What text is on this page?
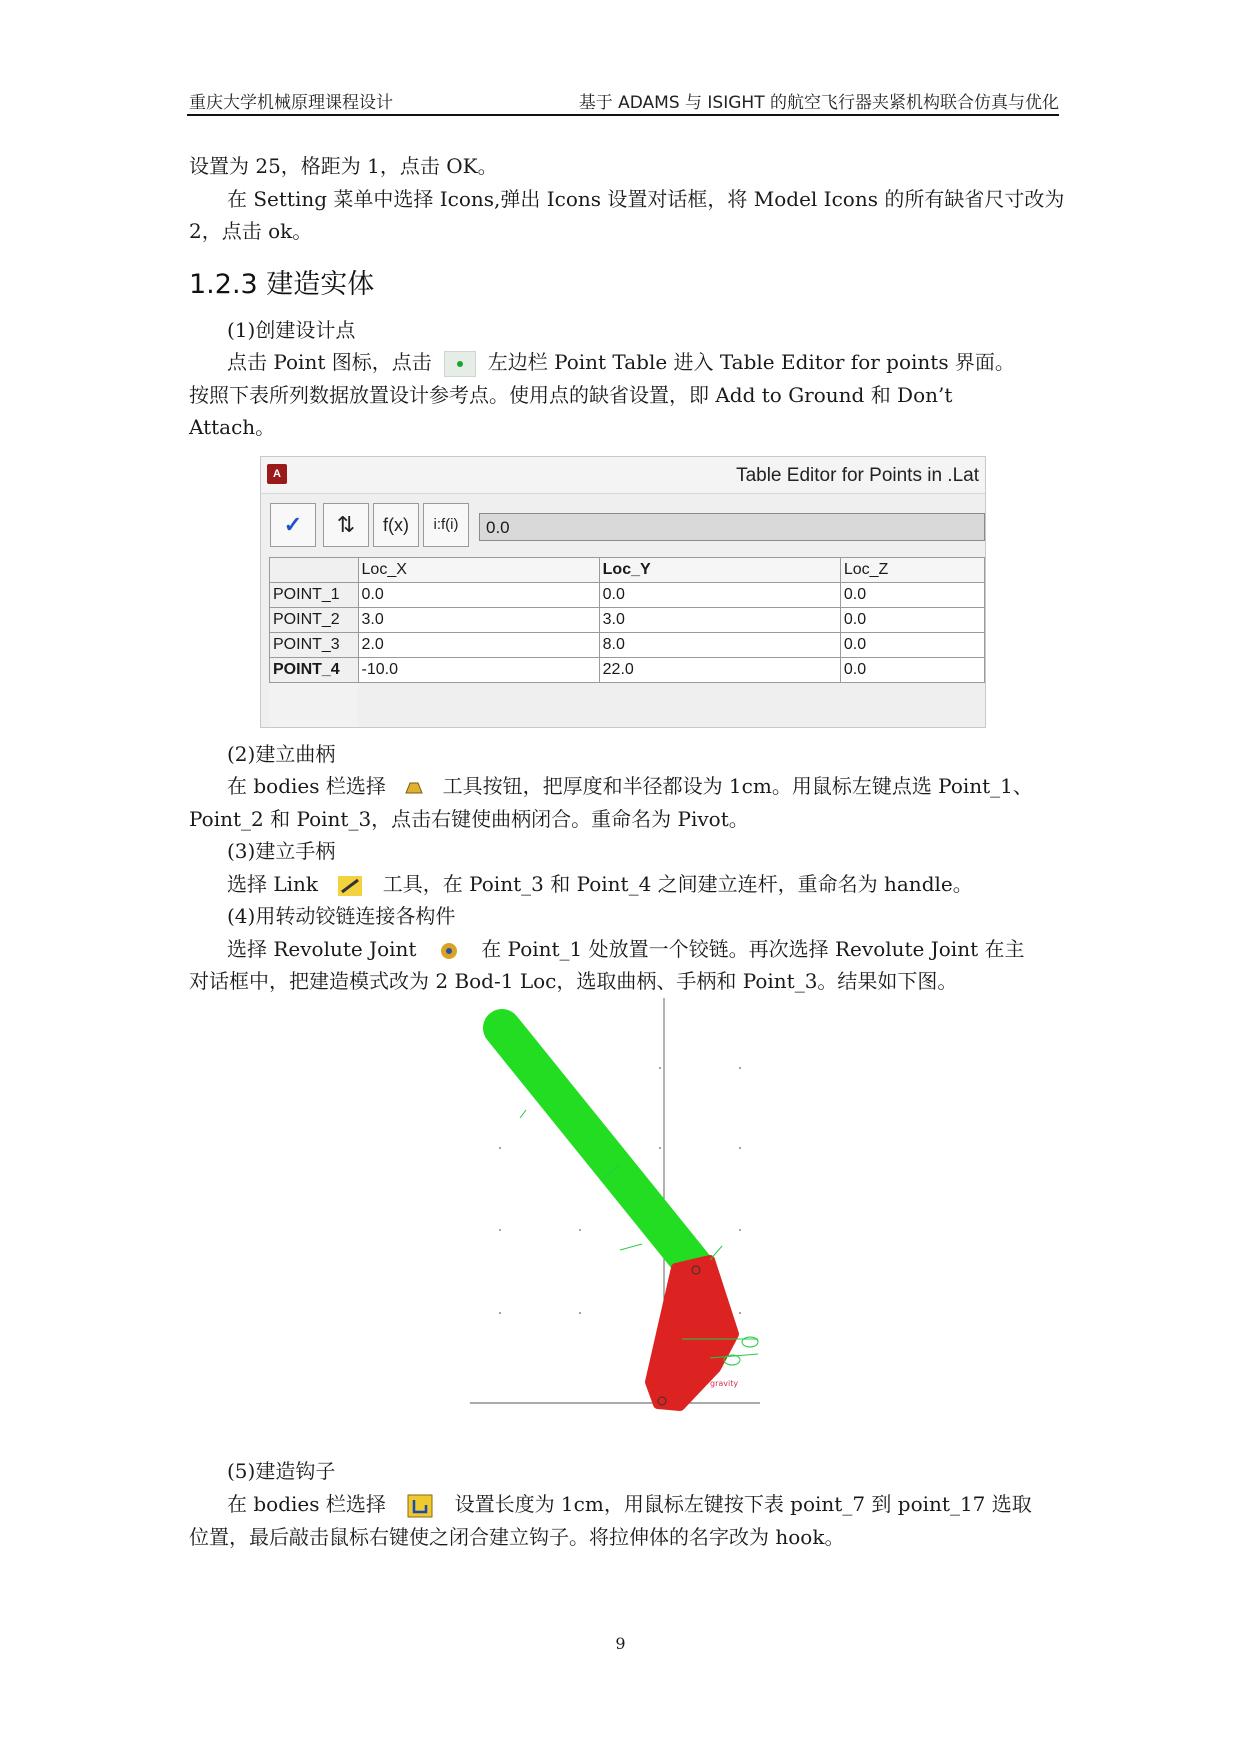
重庆大学机械原理课程设计	基于 ADAMS 与 ISIGHT 的航空飞行器夹紧机构联合仿真与优化
设置为 25，格距为 1，点击 OK。
在 Setting 菜单中选择 Icons,弹出 Icons 设置对话框，将 Model Icons 的所有缺省尺寸改为
2，点击 ok。
1.2.3 建造实体
(1)创建设计点
点击 Point 图标，点击	左边栏 Point Table 进入 Table Editor for points 界面。
按照下表所列数据放置设计参考点。使用点的缺省设置，即 Add to Ground 和 Don’t
Attach。
A	Table Editor for Points in .Lat
✓	⇅	f(x)	i:f(i)	0.0
	Loc_X	Loc_Y	Loc_Z
POINT_1	0.0	0.0	0.0
POINT_2	3.0	3.0	0.0
POINT_3	2.0	8.0	0.0
POINT_4	-10.0	22.0	0.0
(2)建立曲柄
在 bodies 栏选择	工具按钮，把厚度和半径都设为 1cm。用鼠标左键点选 Point_1、
Point_2 和 Point_3，点击右键使曲柄闭合。重命名为 Pivot。
(3)建立手柄
选择 Link	工具，在 Point_3 和 Point_4 之间建立连杆，重命名为 handle。
(4)用转动铰链连接各构件
选择 Revolute Joint	在 Point_1 处放置一个铰链。再次选择 Revolute Joint 在主
对话框中，把建造模式改为 2 Bod-1 Loc，选取曲柄、手柄和 Point_3。结果如下图。
gravity
(5)建造钩子
在 bodies 栏选择	设置长度为 1cm，用鼠标左键按下表 point_7 到 point_17 选取
位置，最后敲击鼠标右键使之闭合建立钩子。将拉伸体的名字改为 hook。
9
